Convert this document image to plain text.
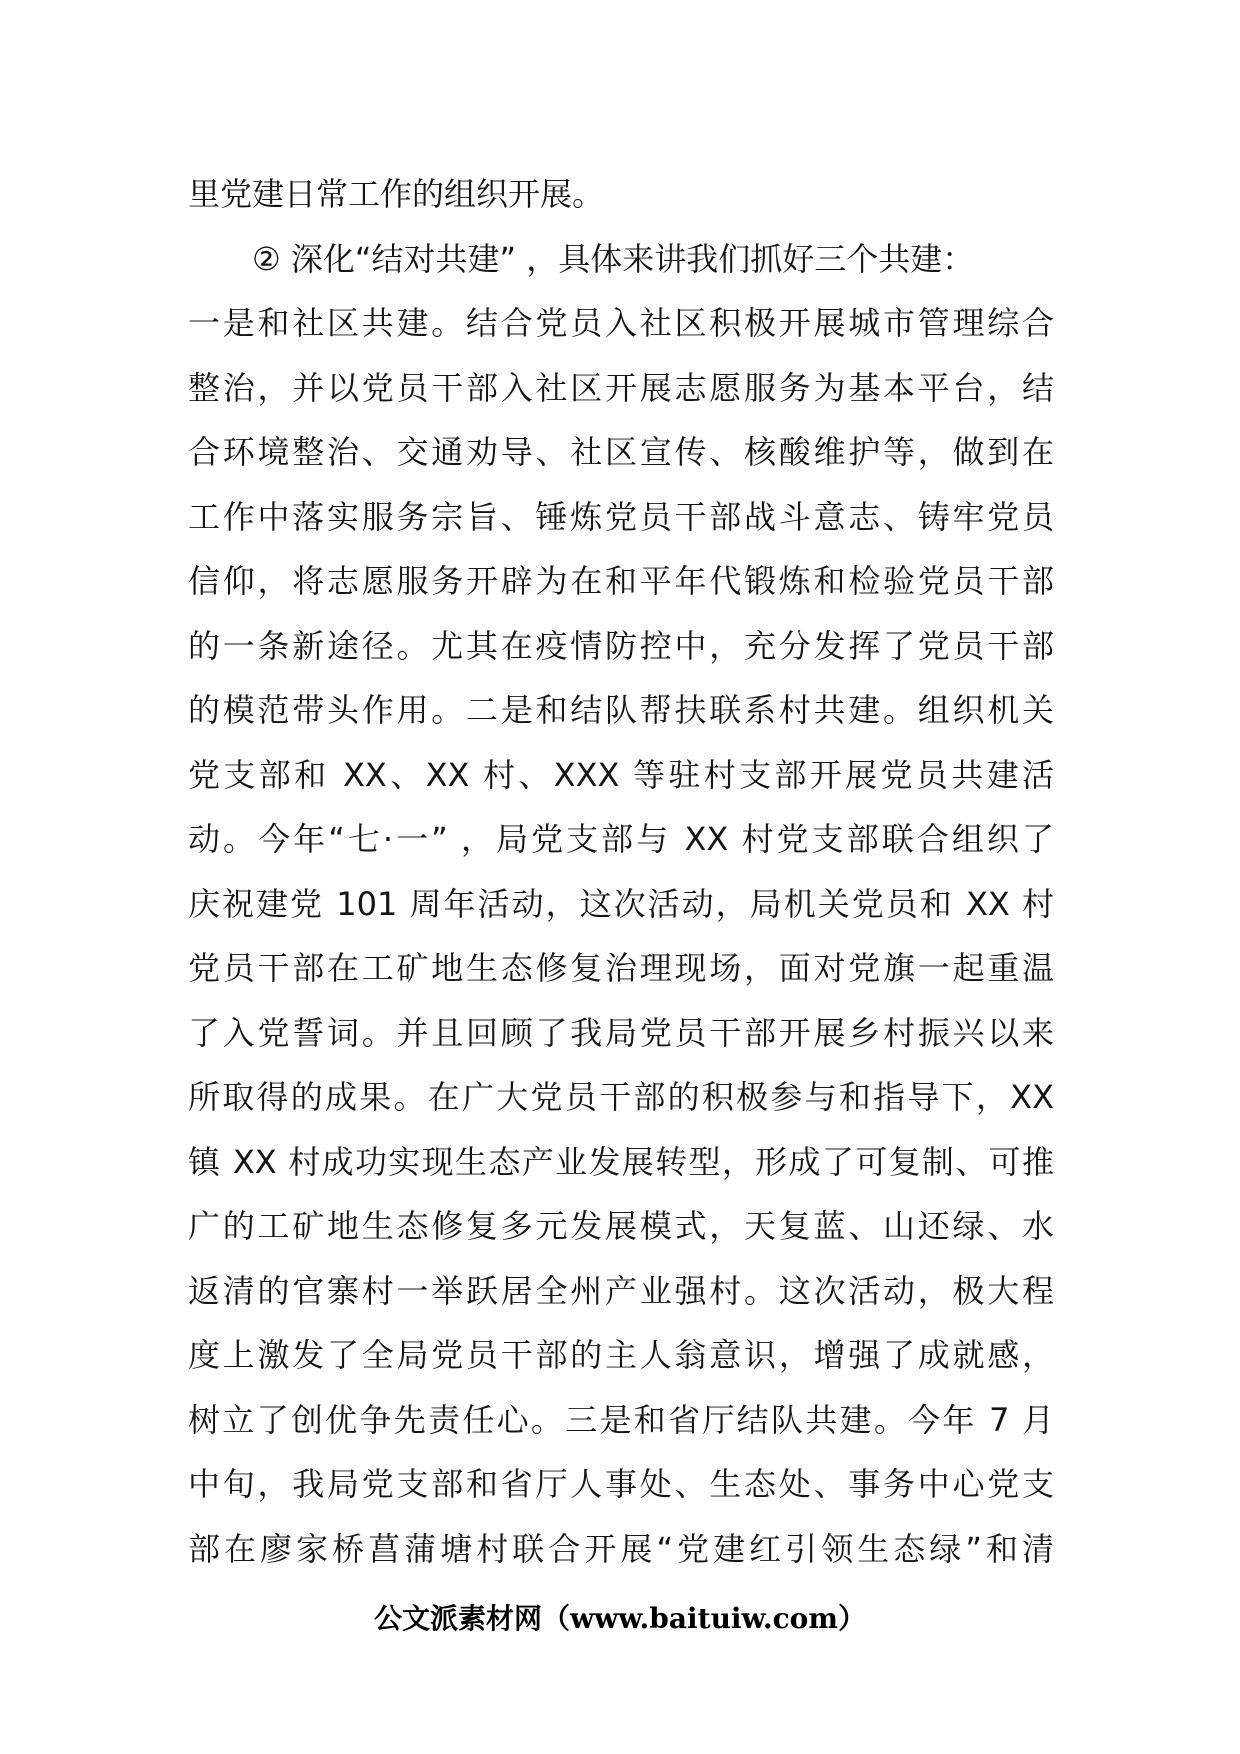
里党建日常工作的组织开展。
② 深化“结对共建” ，具体来讲我们抓好三个共建：
一是和社区共建。结合党员入社区积极开展城市管理综合
整治，并以党员干部入社区开展志愿服务为基本平台，结
合环境整治、交通劝导、社区宣传、核酸维护等，做到在
工作中落实服务宗旨、锤炼党员干部战斗意志、铸牢党员
信仰，将志愿服务开辟为在和平年代锻炼和检验党员干部
的一条新途径。尤其在疫情防控中，充分发挥了党员干部
的模范带头作用。二是和结队帮扶联系村共建。组织机关
党支部和 XX、XX 村、XXX 等驻村支部开展党员共建活
动。今年“七·一” ，局党支部与 XX 村党支部联合组织了
庆祝建党 101 周年活动，这次活动，局机关党员和 XX 村
党员干部在工矿地生态修复治理现场，面对党旗一起重温
了入党誓词。并且回顾了我局党员干部开展乡村振兴以来
所取得的成果。在广大党员干部的积极参与和指导下，XX
镇 XX 村成功实现生态产业发展转型，形成了可复制、可推
广的工矿地生态修复多元发展模式，天复蓝、山还绿、水
返清的官寨村一举跃居全州产业强村。这次活动，极大程
度上激发了全局党员干部的主人翁意识，增强了成就感，
树立了创优争先责任心。三是和省厅结队共建。今年 7 月
中旬，我局党支部和省厅人事处、生态处、事务中心党支
部在廖家桥菖蒲塘村联合开展“党建红引领生态绿”和清
公文派素材网（www.baituiw.com）
